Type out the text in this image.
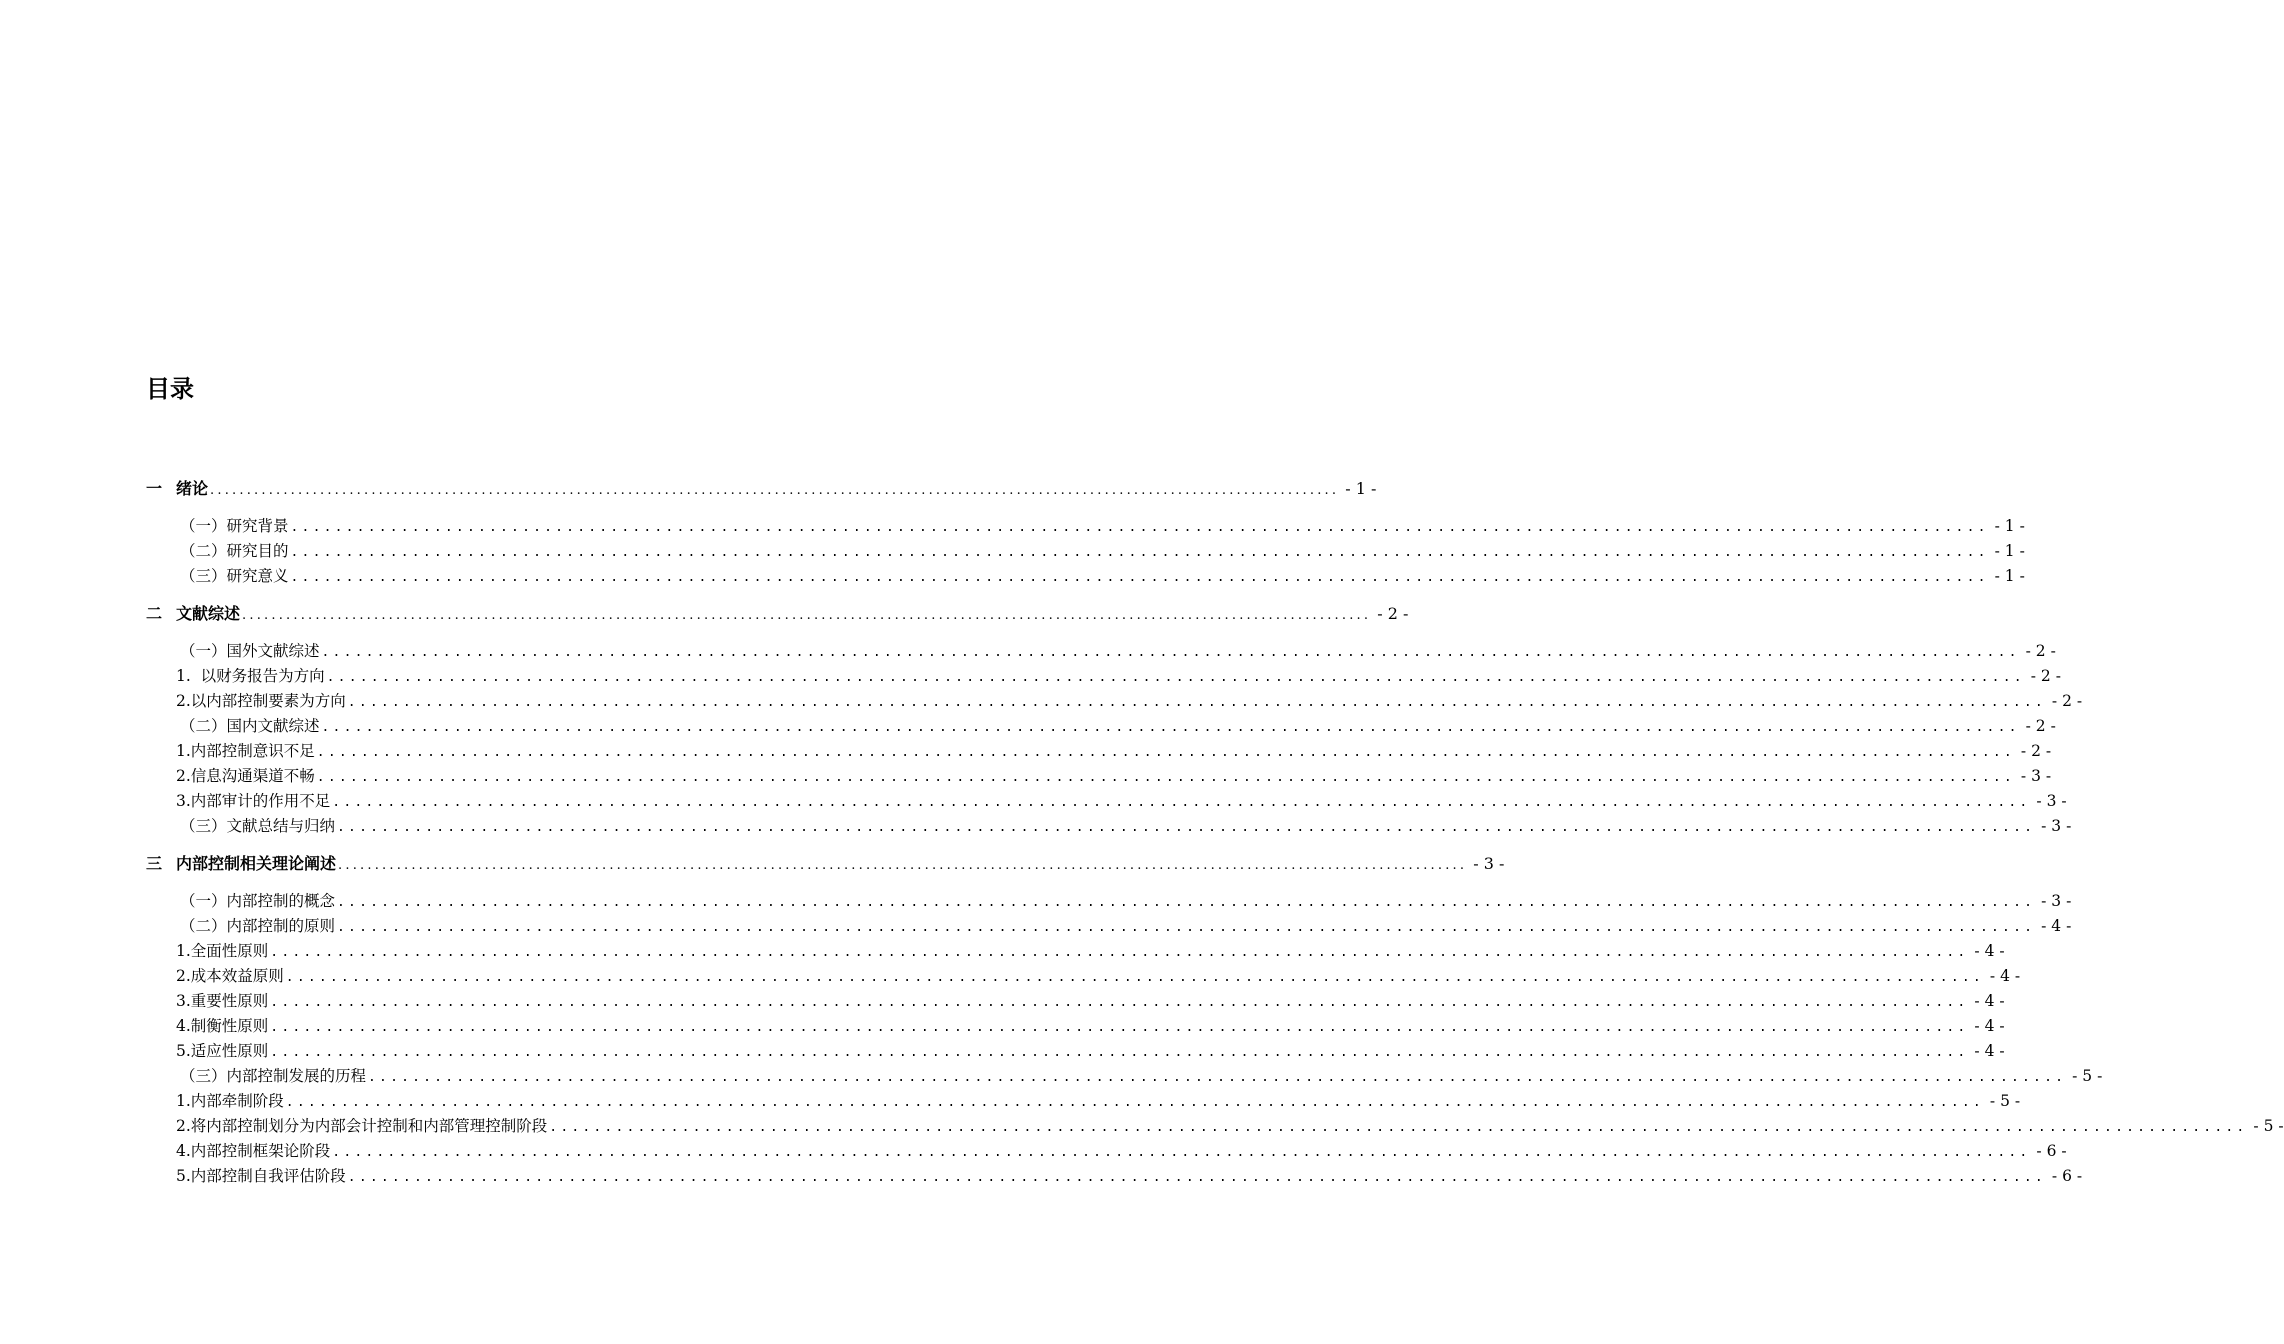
目录
一 绪论 .......................................................................................................................................................... - 1 -
（一）研究背景 .......................................................................................................................................................... - 1 -
（二）研究目的 .......................................................................................................................................................... - 1 -
（三）研究意义 .......................................................................................................................................................... - 1 -
二 文献综述 .......................................................................................................................................................... - 2 -
（一）国外文献综述 .......................................................................................................................................................... - 2 -
1.  以财务报告为方向 .......................................................................................................................................................... - 2 -
2.以内部控制要素为方向 .......................................................................................................................................................... - 2 -
（二）国内文献综述 .......................................................................................................................................................... - 2 -
1.内部控制意识不足 .......................................................................................................................................................... - 2 -
2.信息沟通渠道不畅 .......................................................................................................................................................... - 3 -
3.内部审计的作用不足 .......................................................................................................................................................... - 3 -
（三）文献总结与归纳 .......................................................................................................................................................... - 3 -
三 内部控制相关理论阐述 .......................................................................................................................................................... - 3 -
（一）内部控制的概念 .......................................................................................................................................................... - 3 -
（二）内部控制的原则 .......................................................................................................................................................... - 4 -
1.全面性原则 .......................................................................................................................................................... - 4 -
2.成本效益原则 .......................................................................................................................................................... - 4 -
3.重要性原则 .......................................................................................................................................................... - 4 -
4.制衡性原则 .......................................................................................................................................................... - 4 -
5.适应性原则 .......................................................................................................................................................... - 4 -
（三）内部控制发展的历程 .......................................................................................................................................................... - 5 -
1.内部牵制阶段 .......................................................................................................................................................... - 5 -
2.将内部控制划分为内部会计控制和内部管理控制阶段 .......................................................................................................................................................... - 5 -
4.内部控制框架论阶段 .......................................................................................................................................................... - 6 -
5.内部控制自我评估阶段 .......................................................................................................................................................... - 6 -
